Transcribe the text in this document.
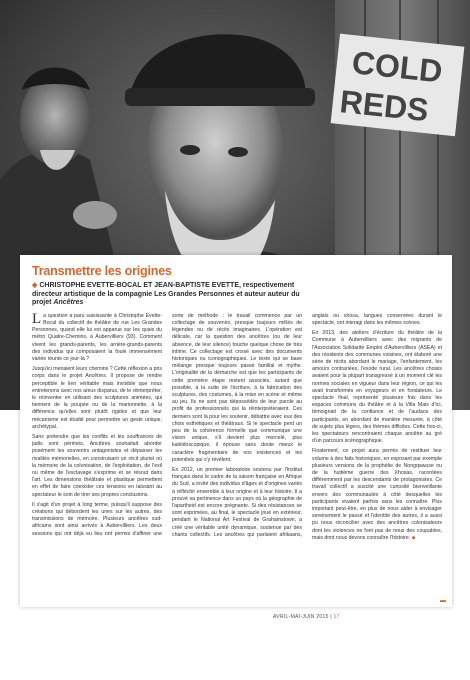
COLD
REDS
Transmettre les origines
◆ CHRISTOPHE EVETTE-BOCAL ET JEAN-BAPTISTE EVETTE, respectivement directeur artistique de la compagnie Les Grandes Personnes et auteur auteur du projet Ancêtres

La question a paru saisissante à Christophe Evette-Bocal du collectif de théâtre de rue Les Grandes Personnes, quand elle lui est apparue sur les quais du métro Quatre-Chemins, à Aubervilliers (93). Comment vivent les grands-parents, les arrière-grands-parents des individus qui composaient la foule immensément variée réunie ce jour-là ?

Jusqu'ici menaient leurs chemins ? Cette réflexion a pris corps dans le projet Ancêtres. Il propose de rendre perceptible le lien véritable mais invisible que nous entretenons avec nos aïeux disparus, de le réinterpréter, le réinventer en utilisant des sculptures animées, qui tiennent de la poupée ou de la marionnette, à la différence qu'elles sont plutôt rigides et que leur mécanisme est étudié pour permettre un geste unique, archétypal.

Sans prétendre que les conflits et les souffrances de jadis sont périmés, Ancêtres souhaitait aborder posément les souvenirs antagonistes et dépasser les rivalités mémorielles, en construisant un récit pluriel où la mémoire de la colonisation, de l'exploitation, de l'exil ou même de l'esclavage s'exprime et se résout dans l'art. Les dimensions théâtrale et plastique permettent en effet de faire coexister ces tensions en laissant au spectateur le soin de tirer ses propres conclusions.

Il s'agit d'un projet à long terme, puisqu'il suppose des créations qui débordent les unes sur les autres, des transmissions de mémoire. Plusieurs ancêtres sud-africains sont ainsi arrivés à Aubervilliers. Les deux sessions qui ont déjà eu lieu ont permis d'affiner une sorte de méthode : le travail commence par un collectage de souvenirs, presque toujours mêlés de légendes ou de récits imaginaires. L'opération est délicate, car la question des ancêtres (ou de leur absence, de leur silence) touche quelque chose de très intime. Ce collectage est croisé avec des documents historiques ou iconographiques. Le texte qui se base mélange presque toujours passé familial et mythe. L'originalité de la démarche est que les participants de cette première étape restent associés, autant que possible, à la suite de l'écriture, à la fabrication des sculptures, des costumes, à la mise en scène et même au jeu. Ils ne sont pas dépossédés de leur parole au profit de professionnels qui la réinterpréteraient. Ces derniers sont là pour les soutenir, débattre avec eux des choix esthétiques et théâtraux. Si le spectacle perd un peu de la cohérence formelle que communique une vision unique, s'il devient plus morcelé, plus kaléidoscopique, il épouse sans doute mieux le caractère fragmentaire de nos existences et les potentiels qui s'y révèlent.

En 2012, un premier laboratoire soutenu par l'Institut français dans le cadre de la saison française en Afrique du Sud, a invité des individus d'âges et d'origines variés à réfléchir ensemble à leur origine et à leur histoire. Il a prouvé sa pertinence dans un pays où la géographie de l'apartheid est encore prégnante. Si des résistances se sont exprimées, au final, le spectacle joué en extérieur, pendant le National Art Festival de Grahamstown, a créé une véritable unité dynamique, soutenue par des chants collectifs. Les ancêtres qui parlaient afrikaans, anglais ou xhosa, langues conservées durant le spectacle, ont interagi dans les mêmes scènes.

En 2013, des ateliers d'écriture du théâtre de la Commune à Aubervilliers avec des migrants de l'Association Solidarité Emploi d'Aubervilliers (ASEA) et des résidents des communes voisines, ont élaboré une série de récits abordant le mariage, l'enfantement, les amours contrariées, l'exode rural. Les ancêtres choisis avaient pour la plupart transgressé à un moment clé les normes sociales en vigueur dans leur région, ce qui les avait transformés en voyageurs et en fondateurs. Le spectacle final, représenté plusieurs fois dans les espaces communs du théâtre et à la Villa Mais d'Ici, témoignait de la confiance et de l'audace des participants, en abordant de manière mesurée, à côté de sujets plus légers, des thèmes difficiles. Cette fois-ci, les spectateurs rencontraient chaque ancêtre au gré d'un parcours scénographique.

Finalement, ce projet aura permis de restituer leur volume à des faits historiques, en exposant par exemple plusieurs versions de la prophétie de Nongqawuse ou de la huitième guerre des Xhosas, racontées différemment par les descendants de protagonistes. Ce travail collectif a suscité une curiosité bienveillante envers des communautés à côté desquelles les participants vivaient parfois sans les connaître. Plus important peut-être, en plus de nous aider à envisager sereinement le passé et l'identité des autres, il a aussi pu nous réconcilier avec des ancêtres colonisateurs dont les violences ne font pas de nous des coupables, mais dont nous devons connaître l'histoire. ◆

AVRIL-MAI-JUIN 2015 | 17
▬
